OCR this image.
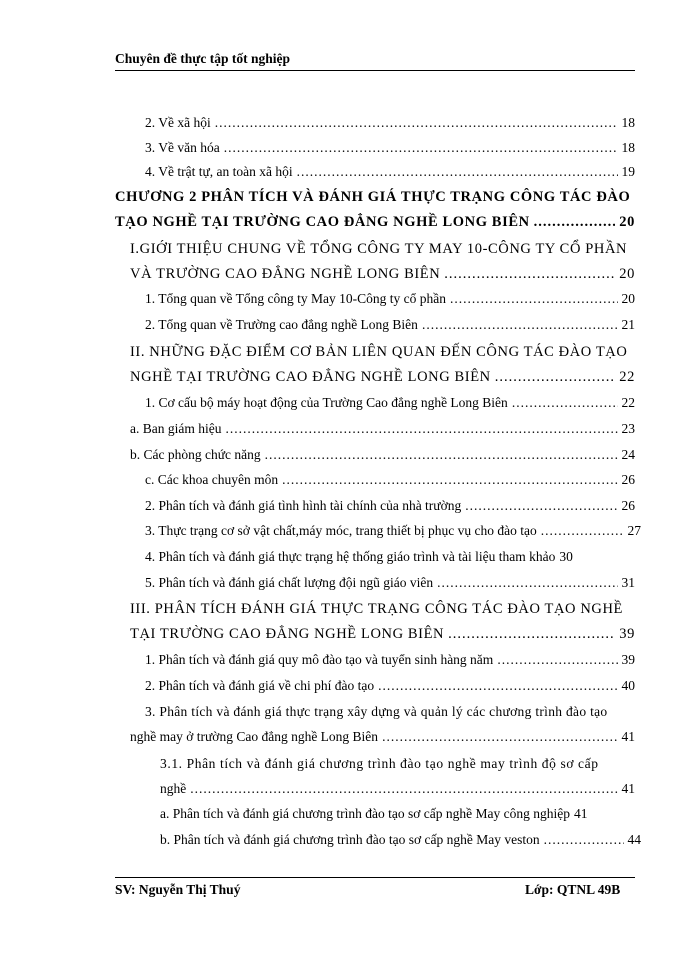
Chuyên đề thực tập tốt nghiệp
2. Về xã hội .....	18
3. Về văn hóa .....	18
4. Về trật tự, an toàn xã hội .....	19
CHƯƠNG 2 PHÂN TÍCH VÀ ĐÁNH GIÁ THỰC TRẠNG CÔNG TÁC ĐÀO
TẠO NGHỀ TẠI TRƯỜNG CAO ĐẲNG NGHỀ LONG BIÊN .....	20
I.GIỚI THIỆU CHUNG VỀ TỔNG CÔNG TY MAY 10-CÔNG TY CỔ PHẦN
VÀ TRƯỜNG CAO ĐẲNG NGHỀ LONG BIÊN .....	20
1. Tổng quan về Tổng công ty May 10-Công ty cổ phần .....	20
2. Tổng quan về Trường cao đẳng nghề Long Biên .....	21
II. NHỮNG ĐẶC ĐIỂM CƠ BẢN LIÊN QUAN ĐẾN CÔNG TÁC ĐÀO TẠO
NGHỀ TẠI TRƯỜNG CAO ĐẲNG NGHỀ LONG BIÊN .....	22
1. Cơ cấu bộ máy hoạt động của Trường Cao đẳng nghề Long Biên .....	22
a. Ban giám hiệu .....	23
b. Các phòng chức năng .....	24
c. Các khoa chuyên môn .....	26
2. Phân tích và đánh giá tình hình tài chính của nhà trường .....	26
3. Thực trạng cơ sở vật chất,máy móc, trang thiết bị phục vụ cho đào tạo .....	27
4. Phân tích và đánh giá thực trạng hệ thống giáo trình và tài liệu tham khảo 30
5. Phân tích và đánh giá chất lượng đội ngũ giáo viên .....	31
III. PHÂN TÍCH ĐÁNH GIÁ THỰC TRẠNG CÔNG TÁC ĐÀO TẠO NGHỀ
TẠI TRƯỜNG CAO ĐẲNG NGHỀ LONG BIÊN .....	39
1. Phân tích và đánh giá quy mô đào tạo và tuyển sinh hàng năm .....	39
2. Phân tích và đánh giá về chi phí đào tạo .....	40
3. Phân tích và đánh giá thực trạng xây dựng và quản lý các chương trình đào tạo
nghề may ở trường Cao đẳng nghề Long Biên .....	41
3.1. Phân tích và đánh giá chương trình đào tạo nghề may trình độ sơ cấp
nghề .....	41
a. Phân tích và đánh giá chương trình đào tạo sơ cấp nghề May công nghiệp 41
b. Phân tích và đánh giá chương trình đào tạo sơ cấp nghề May veston .....	44
SV: Nguyễn Thị Thuý	Lớp: QTNL 49B
